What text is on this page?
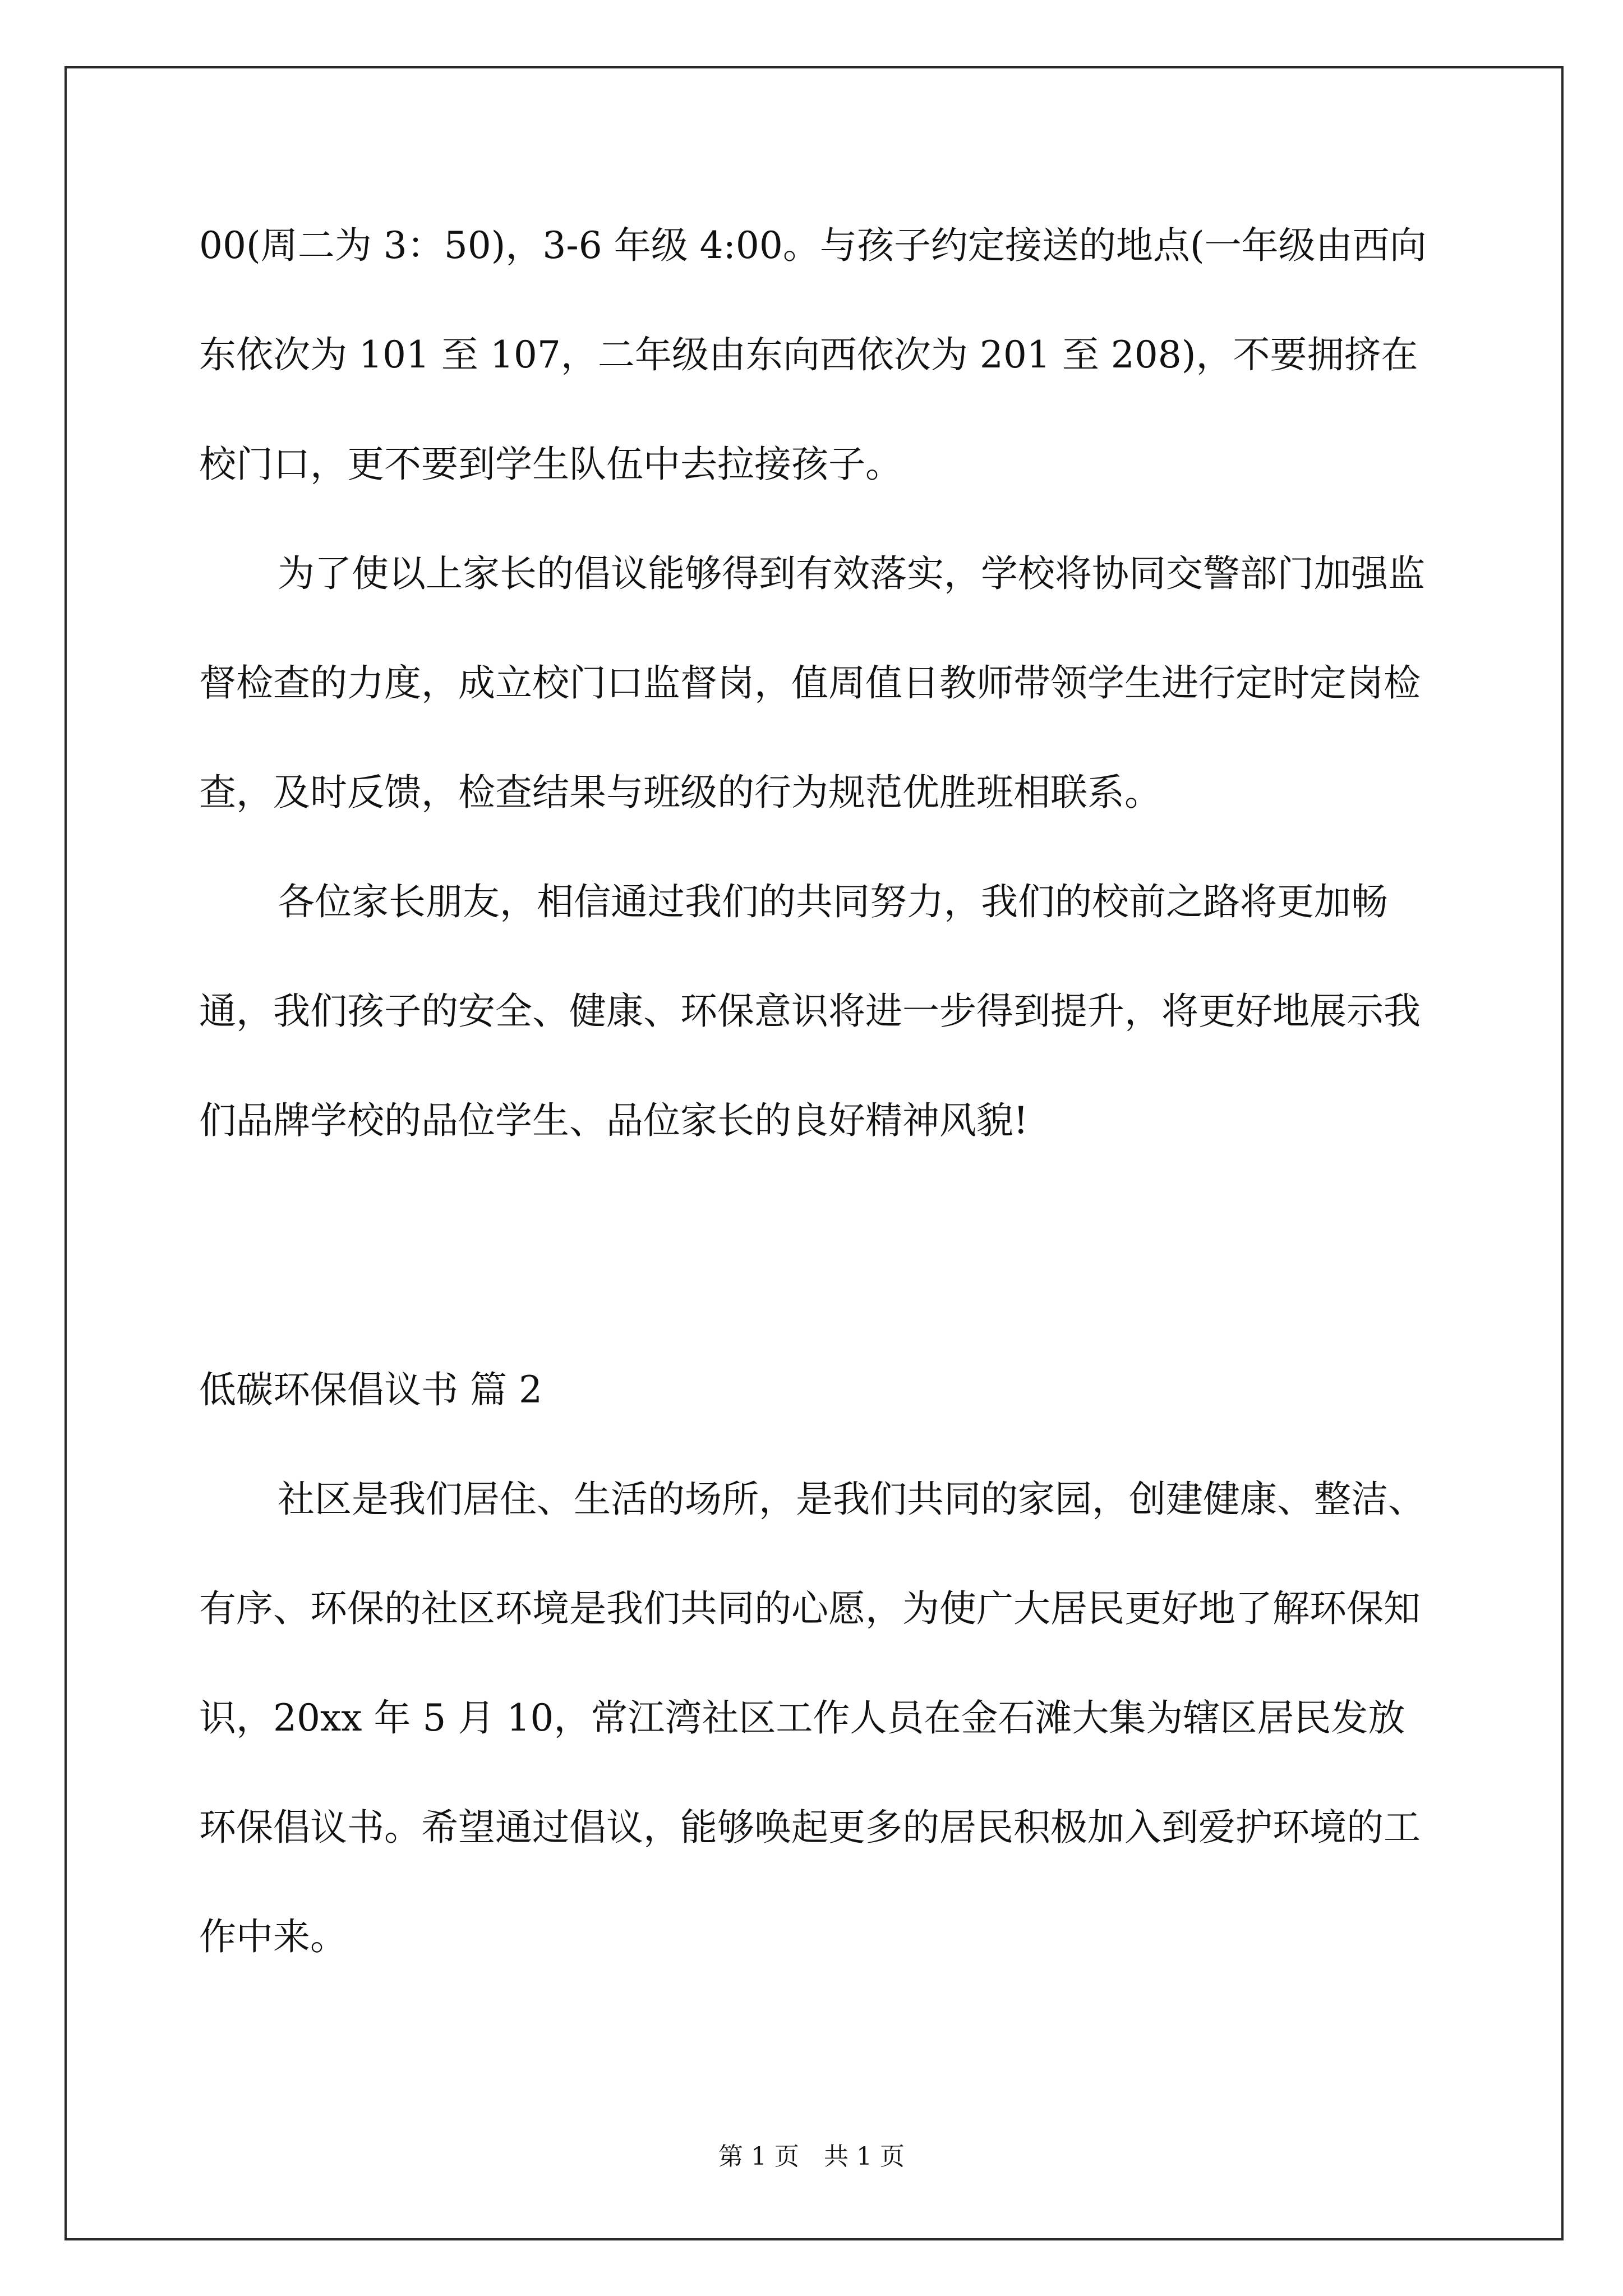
00(周二为 3：50)，3-6 年级 4:00。与孩子约定接送的地点(一年级由西向东依次为 101 至 107，二年级由东向西依次为 201 至 208)，不要拥挤在校门口，更不要到学生队伍中去拉接孩子。

为了使以上家长的倡议能够得到有效落实，学校将协同交警部门加强监督检查的力度，成立校门口监督岗，值周值日教师带领学生进行定时定岗检查，及时反馈，检查结果与班级的行为规范优胜班相联系。

各位家长朋友，相信通过我们的共同努力，我们的校前之路将更加畅通，我们孩子的安全、健康、环保意识将进一步得到提升，将更好地展示我们品牌学校的品位学生、品位家长的良好精神风貌!

低碳环保倡议书 篇 2

社区是我们居住、生活的场所，是我们共同的家园，创建健康、整洁、有序、环保的社区环境是我们共同的心愿，为使广大居民更好地了解环保知识，20xx 年 5 月 10，常江湾社区工作人员在金石滩大集为辖区居民发放环保倡议书。希望通过倡议，能够唤起更多的居民积极加入到爱护环境的工作中来。

第 1 页　共 1 页
